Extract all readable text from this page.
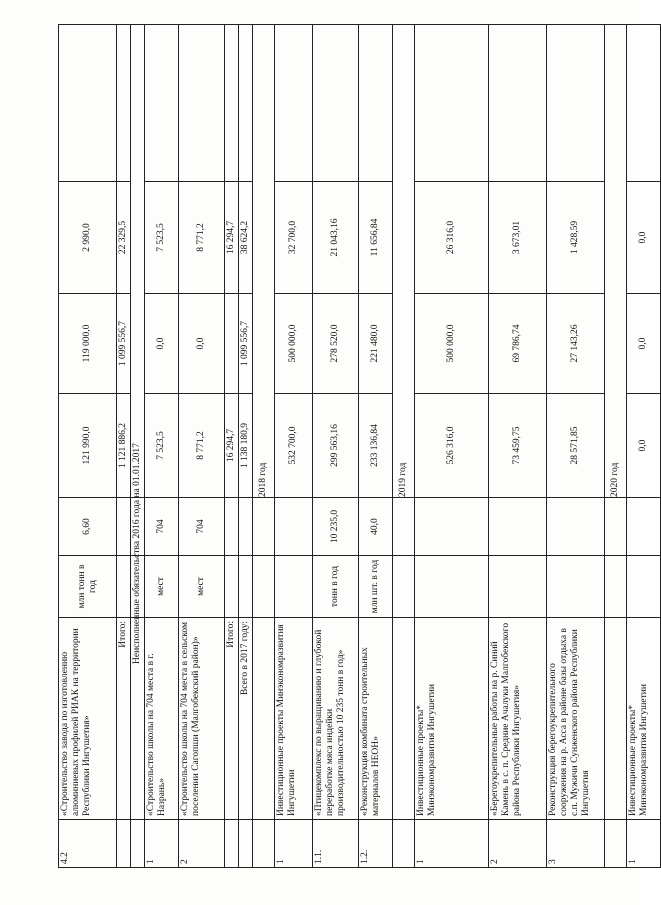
4.2	«Строительство завода по изготовлению алюминиевых профилей РИАК на территории Республики Ингушетия»	млн тонн в год	6,60	121 990,0	119 000,0	2 990,0	
	Итого:			1 121 886,2	1 099 556,7	22 329,5	
				Неисполненные обязательства 2016 года на 01.01.2017			
1	«Строительство школы на 704 места в г. Назрань»	мест	704	7 523,5	0,0	7 523,5	
2	«Строительство школы на 704 места в сельском поселении Сагопши (Малгобекский район)»	мест	704	8 771,2	0,0	8 771,2	
	Итого:			16 294,7		16 294,7	
	Всего в 2017 году:			1 138 180,9	1 099 556,7	38 624,2	
				2018 год			
1	Инвестиционные проекты Минэкономразвития Ингушетии			532 700,0	500 000,0	32 700,0	
1.1.	«Птицекомплекс по выращиванию и глубокой переработке мяса индейки производительностью 10 235 тонн в год»	тонн в год	10 235,0	299 563,16	278 520,0	21 043,16	
1.2.	«Реконструкция комбината строительных материалов НЕОН»	млн шт. в год	40,0	233 136,84	221 480,0	11 656,84	
				2019 год			
1	Инвестиционные проекты* Минэкономразвития Ингушетии			526 316,0	500 000,0	26 316,0	
2	«Берегоукрепительные работы на р. Синий Камень в с. п. Средние Ачалуки Малгобекского района Республики Ингушетия»			73 459,75	69 786,74	3 673,01	
3	Реконструкция берегоукрепительного сооружения на р. Асса в районе базы отдыха в с.п. Мужичи Сунженского района Республики Ингушетия			28 571,85	27 143,26	1 428,59	
				2020 год			
1	Инвестиционные проекты* Минэкономразвития Ингушетии			0,0	0,0	0,0	
